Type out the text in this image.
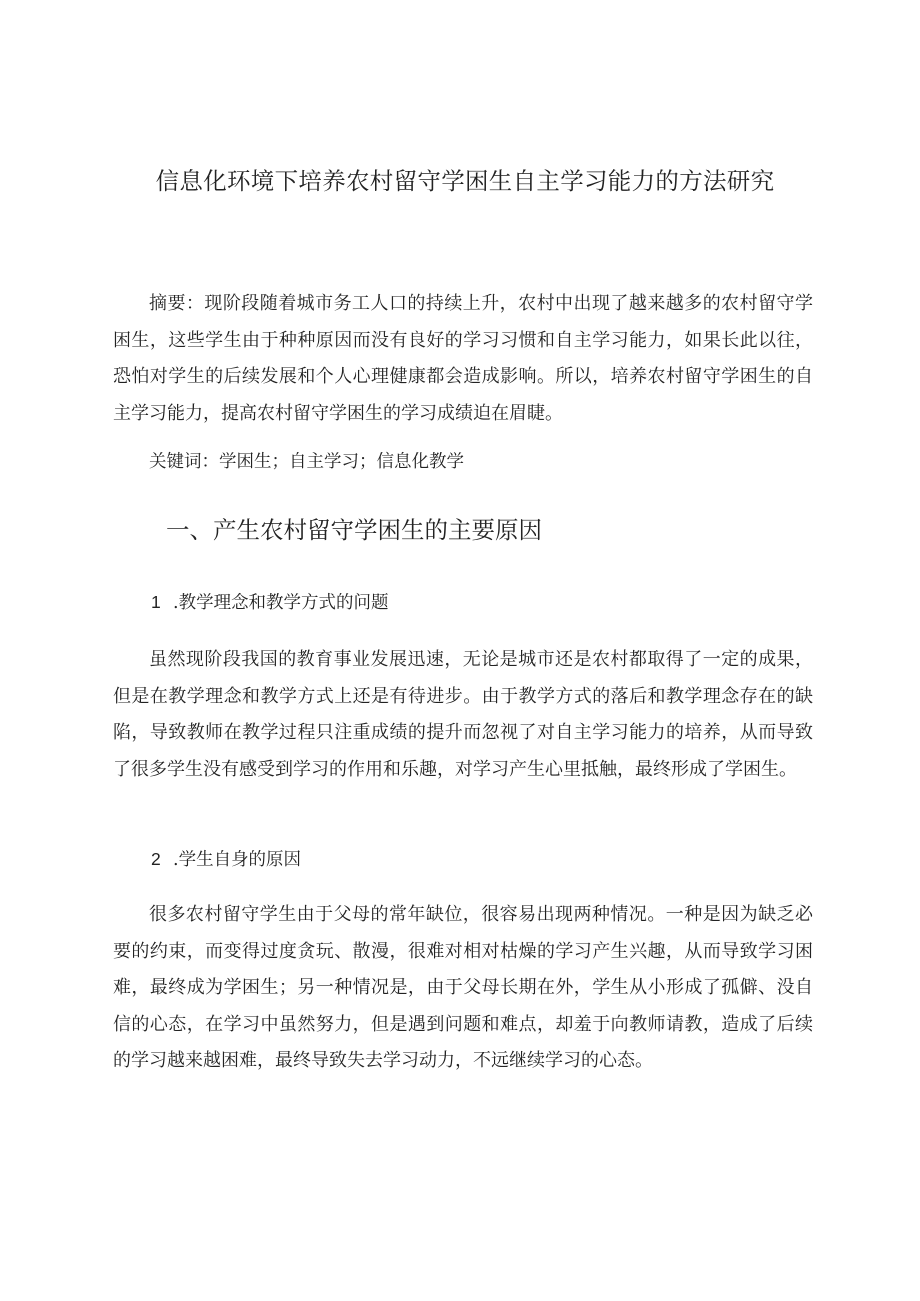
信息化环境下培养农村留守学困生自主学习能力的方法研究

摘要：现阶段随着城市务工人口的持续上升，农村中出现了越来越多的农村留守学困生，这些学生由于种种原因而没有良好的学习习惯和自主学习能力，如果长此以往，恐怕对学生的后续发展和个人心理健康都会造成影响。所以，培养农村留守学困生的自主学习能力，提高农村留守学困生的学习成绩迫在眉睫。

关键词：学困生；自主学习；信息化教学

一、产生农村留守学困生的主要原因

1 .教学理念和教学方式的问题

虽然现阶段我国的教育事业发展迅速，无论是城市还是农村都取得了一定的成果，但是在教学理念和教学方式上还是有待进步。由于教学方式的落后和教学理念存在的缺陷，导致教师在教学过程只注重成绩的提升而忽视了对自主学习能力的培养，从而导致了很多学生没有感受到学习的作用和乐趣，对学习产生心里抵触，最终形成了学困生。

2 .学生自身的原因

很多农村留守学生由于父母的常年缺位，很容易出现两种情况。一种是因为缺乏必要的约束，而变得过度贪玩、散漫，很难对相对枯燥的学习产生兴趣，从而导致学习困难，最终成为学困生；另一种情况是，由于父母长期在外，学生从小形成了孤僻、没自信的心态，在学习中虽然努力，但是遇到问题和难点，却羞于向教师请教，造成了后续的学习越来越困难，最终导致失去学习动力，不远继续学习的心态。
